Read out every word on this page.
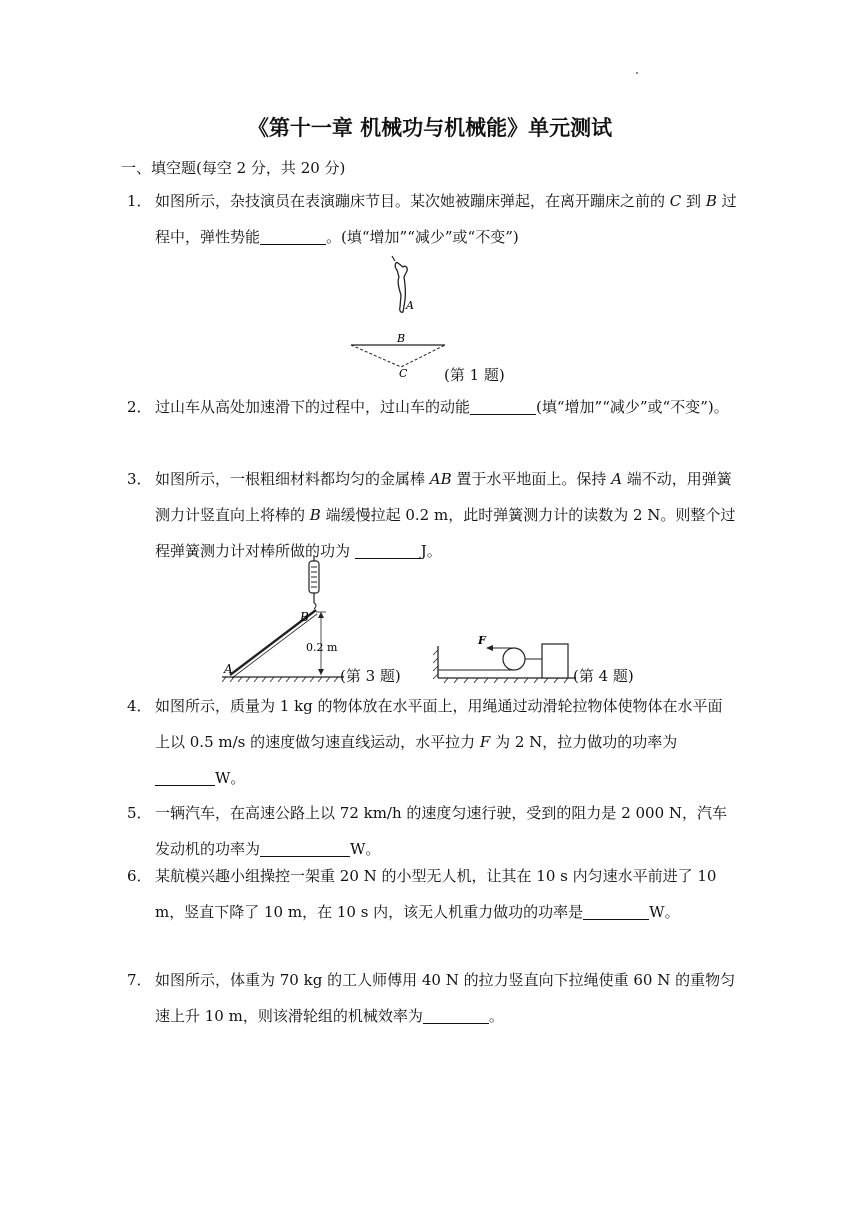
《第十一章 机械功与机械能》单元测试
一、填空题(每空 2 分，共 20 分)
1． 如图所示，杂技演员在表演蹦床节目。某次她被蹦床弹起，在离开蹦床之前的 C 到 B 过程中，弹性势能	。(填“增加”“减少”或“不变”)
A
B
C (第 1 题)
2． 过山车从高处加速滑下的过程中，过山车的动能	(填“增加”“减少”或“不变”)。
3． 如图所示，一根粗细材料都均匀的金属棒 AB 置于水平地面上。保持 A 端不动，用弹簧测力计竖直向上将棒的 B 端缓慢拉起 0.2 m，此时弹簧测力计的读数为 2 N。则整个过程弹簧测力计对棒所做的功为	J。
A
B
0.2 m
(第 3 题)
F
(第 4 题)
4． 如图所示，质量为 1 kg 的物体放在水平面上，用绳通过动滑轮拉物体使物体在水平面上以 0.5 m/s 的速度做匀速直线运动，水平拉力 F 为 2 N，拉力做功的功率为W。
5． 一辆汽车，在高速公路上以 72 km/h 的速度匀速行驶，受到的阻力是 2 000 N，汽车发动机的功率为	W。
6． 某航模兴趣小组操控一架重 20 N 的小型无人机，让其在 10 s 内匀速水平前进了 10 m，竖直下降了 10 m，在 10 s 内，该无人机重力做功的功率是	W。
7． 如图所示，体重为 70 kg 的工人师傅用 40 N 的拉力竖直向下拉绳使重 60 N 的重物匀速上升 10 m，则该滑轮组的机械效率为	。
